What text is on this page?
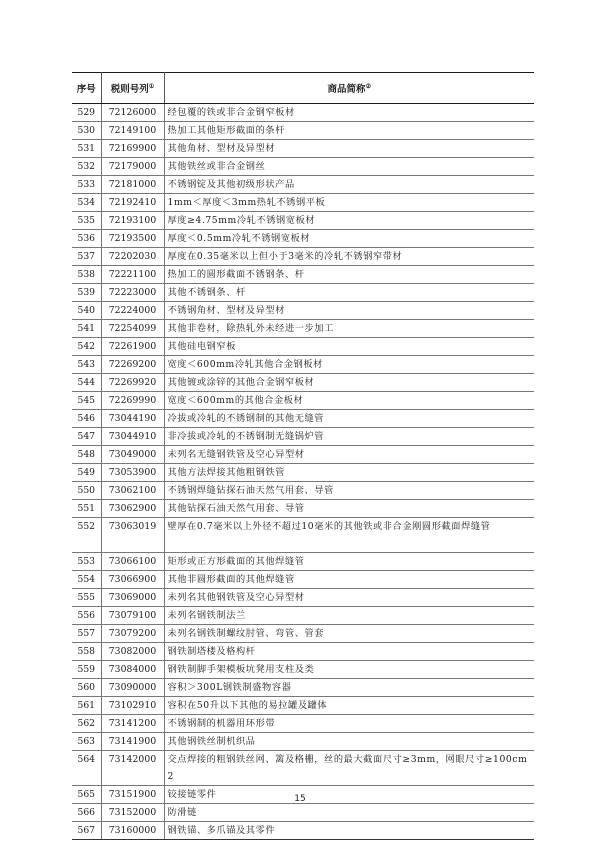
序号	税则号列①	商品简称②
529	72126000	经包覆的铁或非合金钢窄板材
530	72149100	热加工其他矩形截面的条杆
531	72169900	其他角材、型材及异型材
532	72179000	其他铁丝或非合金钢丝
533	72181000	不锈钢锭及其他初级形状产品
534	72192410	1mm＜厚度＜3mm热轧不锈钢平板
535	72193100	厚度≥4.75mm冷轧不锈钢宽板材
536	72193500	厚度＜0.5mm冷轧不锈钢宽板材
537	72202030	厚度在0.35毫米以上但小于3毫米的冷轧不锈钢窄带材
538	72221100	热加工的圆形截面不锈钢条、杆
539	72223000	其他不锈钢条、杆
540	72224000	不锈钢角材、型材及异型材
541	72254099	其他非卷材，除热轧外未经进一步加工
542	72261900	其他硅电钢窄板
543	72269200	宽度＜600mm冷轧其他合金钢板材
544	72269920	其他镀或涂锌的其他合金钢窄板材
545	72269990	宽度＜600mm的其他合金板材
546	73044190	冷拔或冷轧的不锈钢制的其他无缝管
547	73044910	非冷拔或冷轧的不锈钢制无缝锅炉管
548	73049000	未列名无缝钢铁管及空心异型材
549	73053900	其他方法焊接其他粗钢铁管
550	73062100	不锈钢焊缝钻探石油天然气用套、导管
551	73062900	其他钻探石油天然气用套、导管
552	73063019	壁厚在0.7毫米以上外径不超过10毫米的其他铁或非合金刚圆形截面焊缝管
553	73066100	矩形或正方形截面的其他焊缝管
554	73066900	其他非圆形截面的其他焊缝管
555	73069000	未列名其他钢铁管及空心异型材
556	73079100	未列名钢铁制法兰
557	73079200	未列名钢铁制螺纹肘管、弯管、管套
558	73082000	钢铁制塔楼及格构杆
559	73084000	钢铁制脚手架模板坑凳用支柱及类
560	73090000	容积＞300L钢铁制盛物容器
561	73102910	容积在50升以下其他的易拉罐及罐体
562	73141200	不锈钢制的机器用环形带
563	73141900	其他钢铁丝制机织品
564	73142000	交点焊接的粗钢铁丝网、篱及格栅，丝的最大截面尺寸≥3mm，网眼尺寸≥100cm2
565	73151900	铰接链零件
566	73152000	防滑链
567	73160000	钢铁锚、多爪锚及其零件
15
